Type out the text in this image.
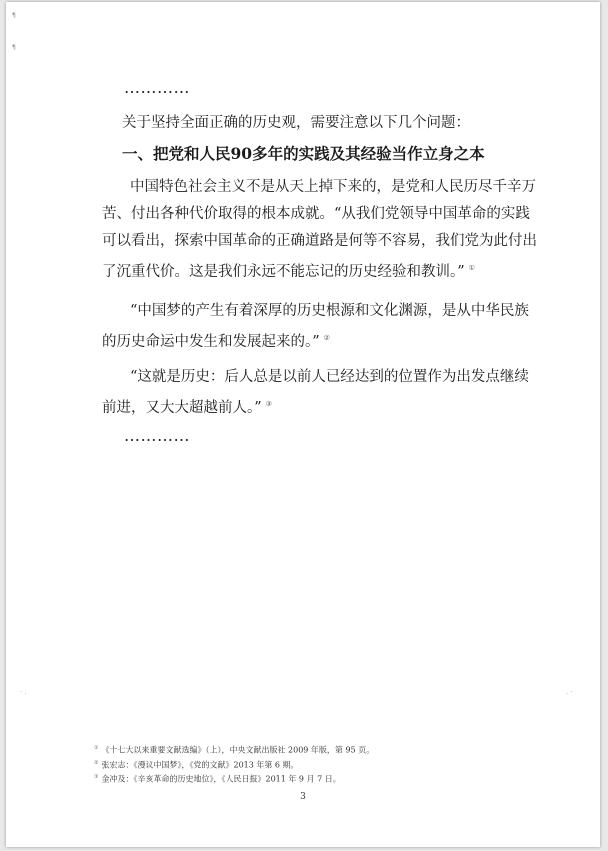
¶
¶
…………
关于坚持全面正确的历史观，需要注意以下几个问题：
一、把党和人民90多年的实践及其经验当作立身之本
中国特色社会主义不是从天上掉下来的，是党和人民历尽千辛万
苦、付出各种代价取得的根本成就。“从我们党领导中国革命的实践
可以看出，探索中国革命的正确道路是何等不容易，我们党为此付出
了沉重代价。这是我们永远不能忘记的历史经验和教训。” ①
“中国梦的产生有着深厚的历史根源和文化渊源，是从中华民族
的历史命运中发生和发展起来的。” ②
“这就是历史：后人总是以前人已经达到的位置作为出发点继续
前进，又大大超越前人。” ③
…………
· .	. ·
① 《十七大以来重要文献选编》（上），中央文献出版社 2009 年版，第 95 页。
② 张宏志：《漫议中国梦》，《党的文献》2013 年第 6 期。
③ 金冲及：《辛亥革命的历史地位》，《人民日报》2011 年 9 月 7 日。
3
